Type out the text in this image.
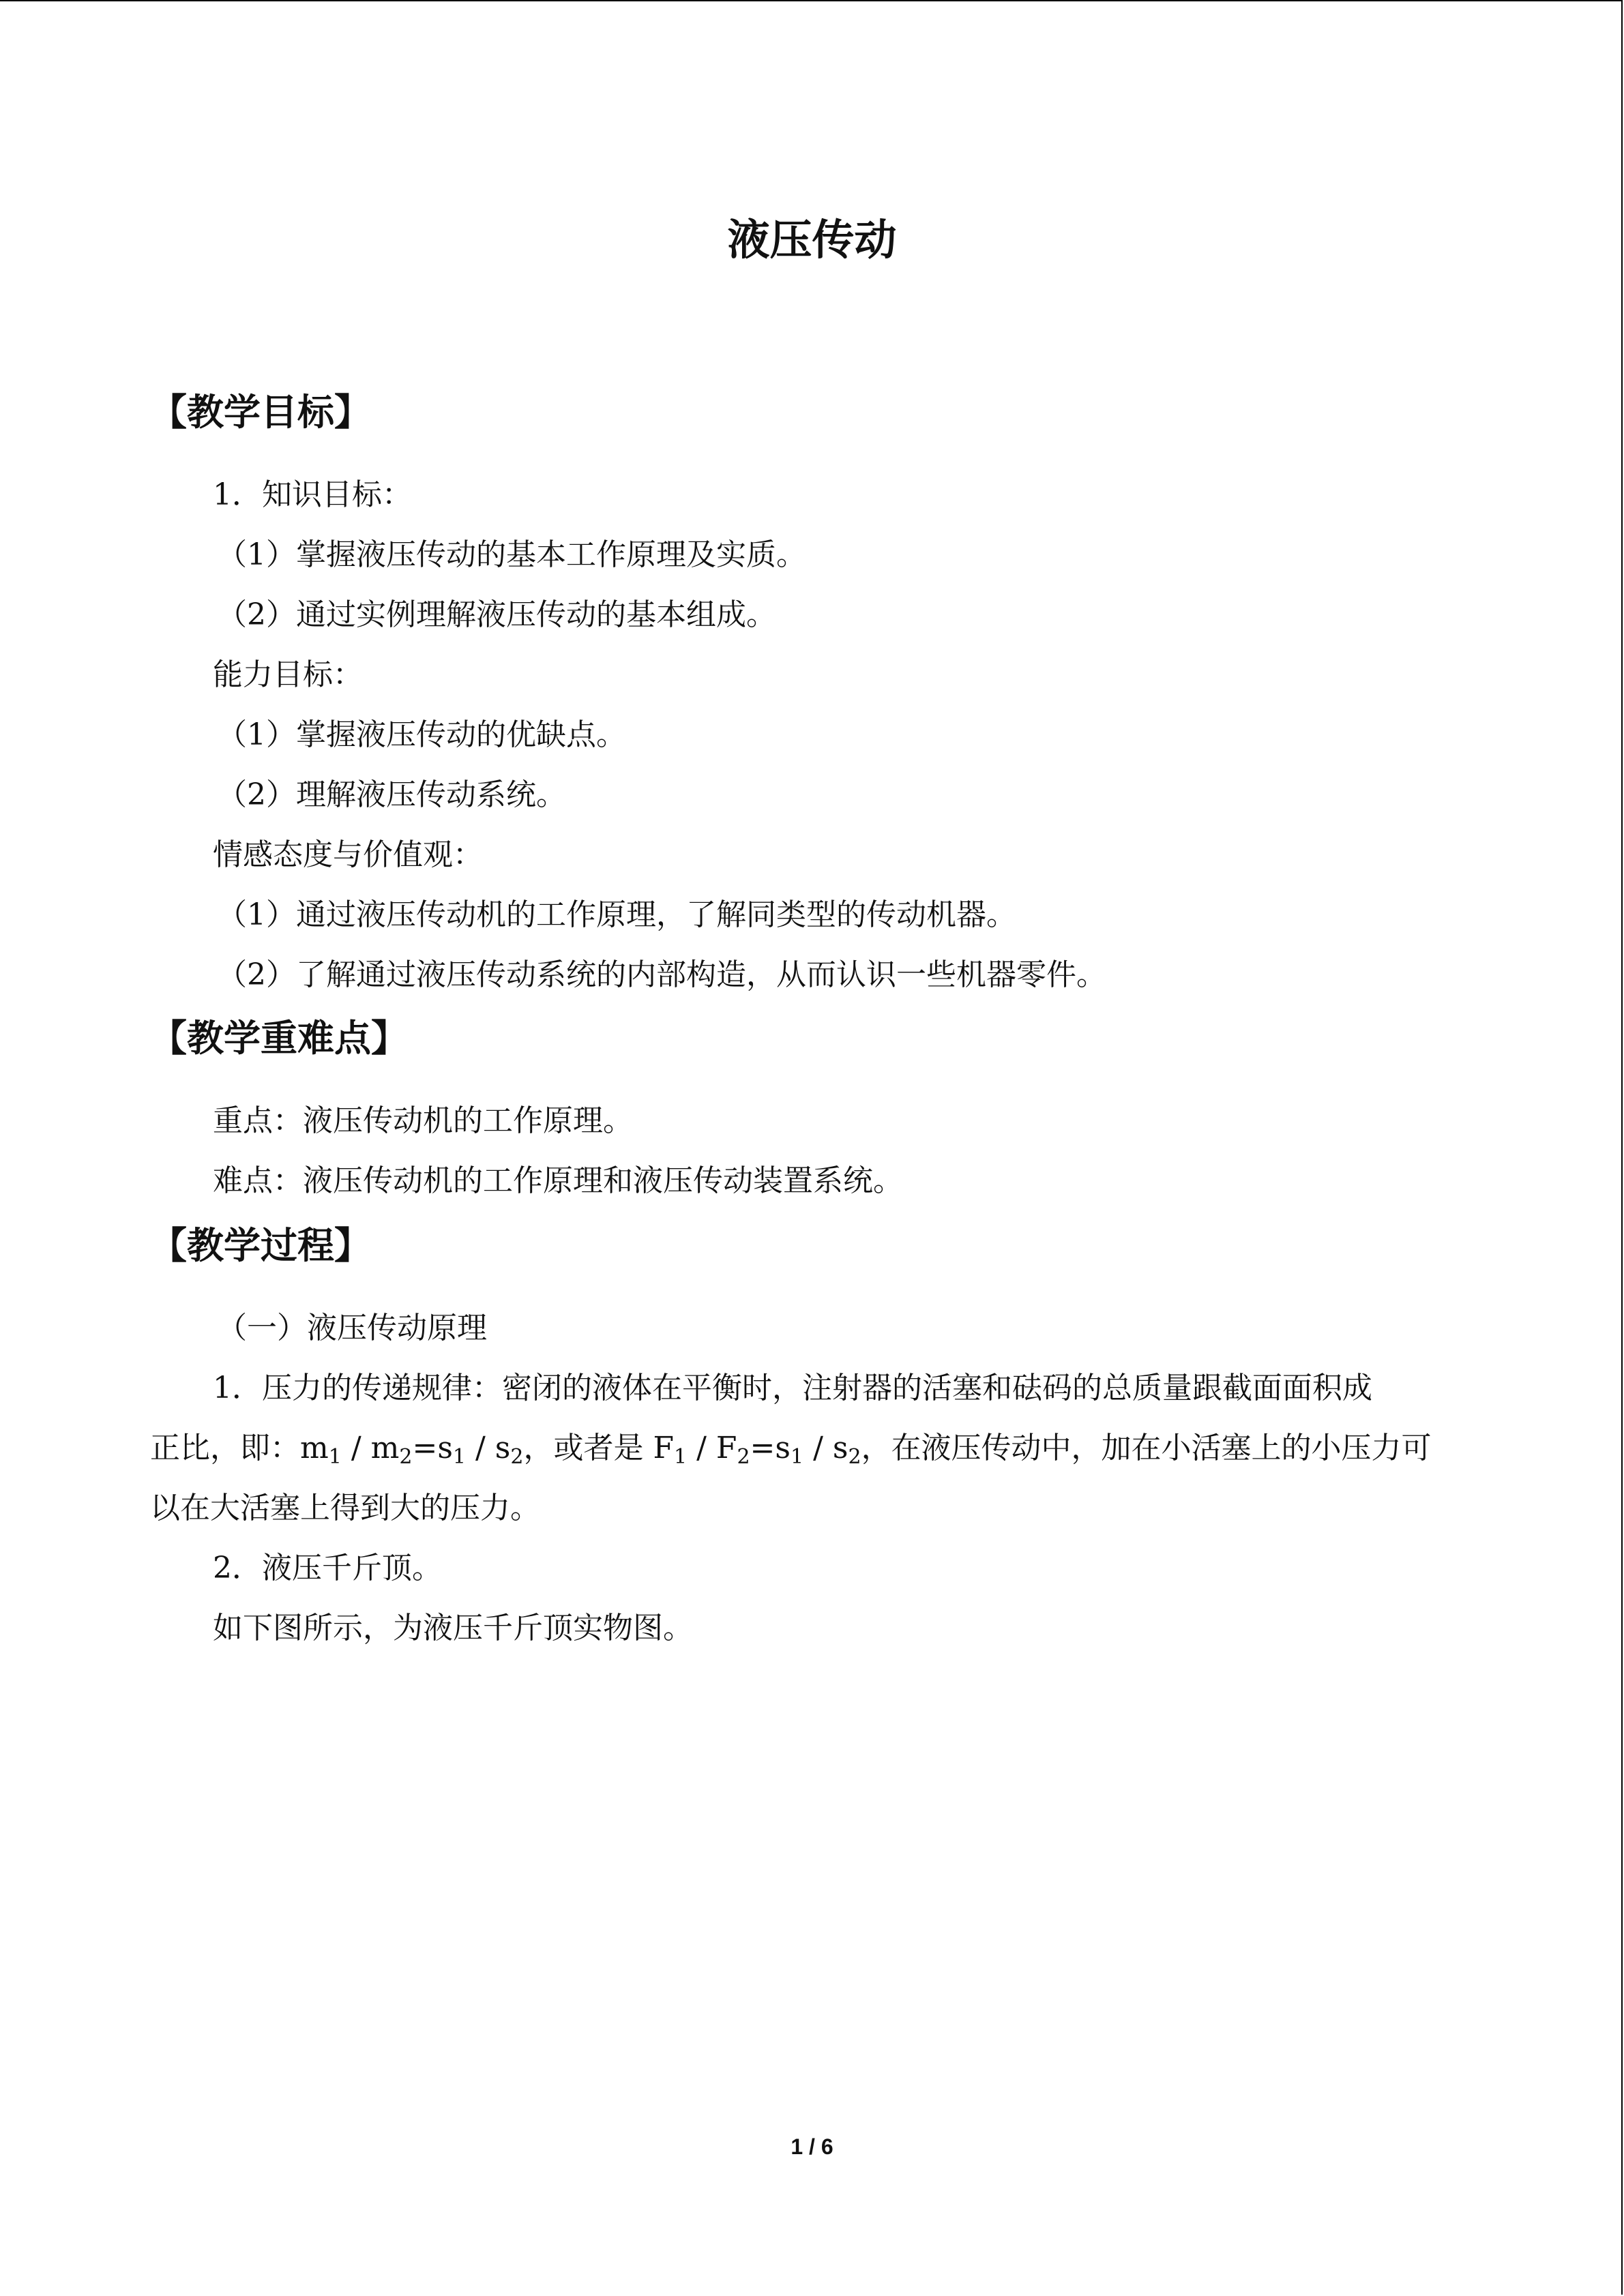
液压传动
【教学目标】

1．知识目标：

（1）掌握液压传动的基本工作原理及实质。

（2）通过实例理解液压传动的基本组成。

能力目标：

（1）掌握液压传动的优缺点。

（2）理解液压传动系统。

情感态度与价值观：

（1）通过液压传动机的工作原理，了解同类型的传动机器。

（2）了解通过液压传动系统的内部构造，从而认识一些机器零件。

【教学重难点】

重点：液压传动机的工作原理。

难点：液压传动机的工作原理和液压传动装置系统。

【教学过程】

（一）液压传动原理

1．压力的传递规律：密闭的液体在平衡时，注射器的活塞和砝码的总质量跟截面面积成

正比，即：$m_1 / m_2=s_1 / s_2$，或者是 $F_1 / F_2=s_1 / s_2$，在液压传动中，加在小活塞上的小压力可

以在大活塞上得到大的压力。

2．液压千斤顶。

如下图所示，为液压千斤顶实物图。

1 / 6
